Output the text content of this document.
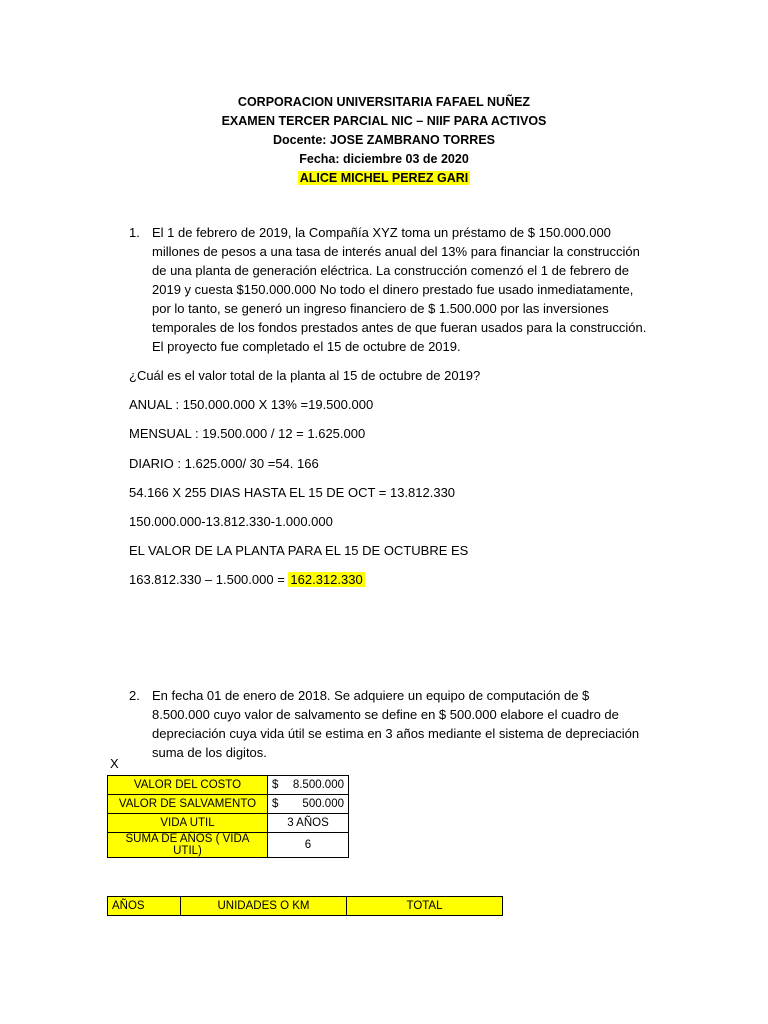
CORPORACION UNIVERSITARIA FAFAEL NUÑEZ
EXAMEN TERCER PARCIAL NIC – NIIF PARA ACTIVOS
Docente: JOSE ZAMBRANO TORRES
Fecha: diciembre 03 de 2020
ALICE MICHEL PEREZ GARI
1. El 1 de febrero de 2019, la Compañía XYZ toma un préstamo de $ 150.000.000 millones de pesos a una tasa de interés anual del 13% para financiar la construcción de una planta de generación eléctrica. La construcción comenzó el 1 de febrero de 2019 y cuesta $150.000.000 No todo el dinero prestado fue usado inmediatamente, por lo tanto, se generó un ingreso financiero de $ 1.500.000 por las inversiones temporales de los fondos prestados antes de que fueran usados para la construcción. El proyecto fue completado el 15 de octubre de 2019.
¿Cuál es el valor total de la planta al 15 de octubre de 2019?
ANUAL : 150.000.000 X 13% =19.500.000
MENSUAL : 19.500.000 / 12 = 1.625.000
DIARIO : 1.625.000/ 30 =54. 166
54.166 X 255 DIAS HASTA EL 15 DE OCT = 13.812.330
150.000.000-13.812.330-1.000.000
EL VALOR DE LA PLANTA PARA EL 15 DE OCTUBRE ES
163.812.330 – 1.500.000 = 162.312.330
2. En fecha 01 de enero de 2018. Se adquiere un equipo de computación de $ 8.500.000 cuyo valor de salvamento se define en $ 500.000 elabore el cuadro de depreciación cuya vida útil se estima en 3 años mediante el sistema de depreciación suma de los digitos.
X
VALOR DEL COSTO	$ 8.500.000

VALOR DE SALVAMENTO	$ 500.000

VIDA UTIL	3 AÑOS
SUMA DE AÑOS ( VIDA UTIL)	6
AÑOS	UNIDADES O KM	TOTAL
